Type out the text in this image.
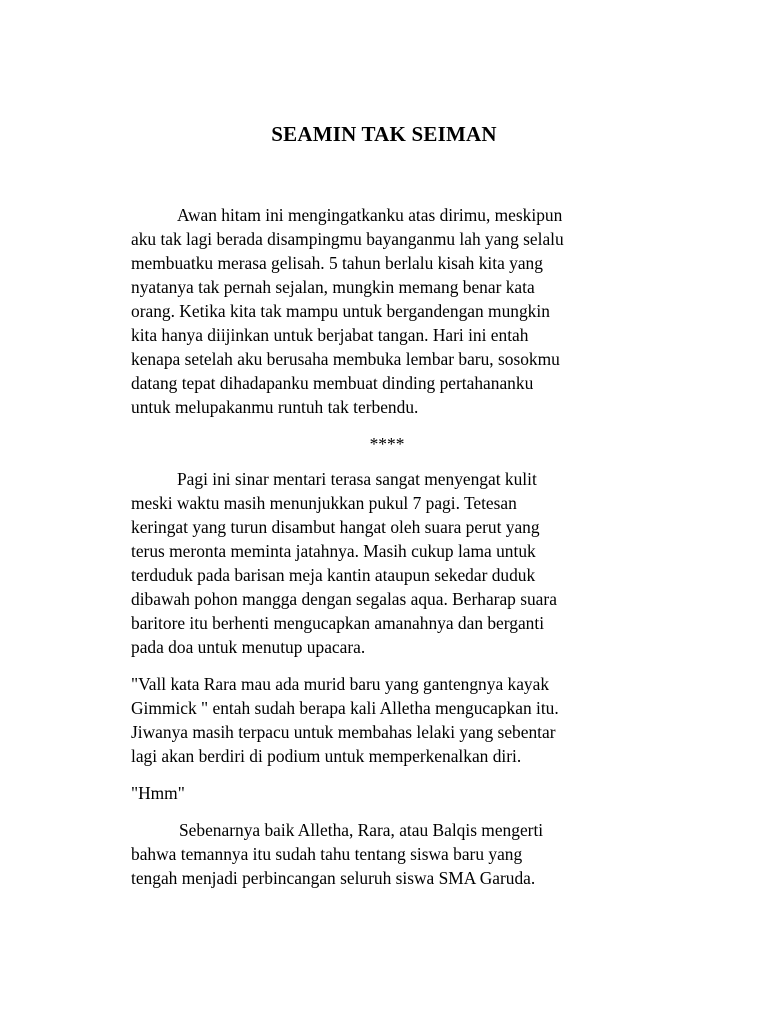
SEAMIN TAK SEIMAN

Awan hitam ini mengingatkanku atas dirimu, meskipun
aku tak lagi berada disampingmu bayanganmu lah yang selalu
membuatku merasa gelisah. 5 tahun berlalu kisah kita yang
nyatanya tak pernah sejalan, mungkin memang benar kata
orang. Ketika kita tak mampu untuk bergandengan mungkin
kita hanya diijinkan untuk berjabat tangan. Hari ini entah
kenapa setelah aku berusaha membuka lembar baru, sosokmu
datang tepat dihadapanku membuat dinding pertahananku
untuk melupakanmu runtuh tak terbendu.

****

Pagi ini sinar mentari terasa sangat menyengat kulit
meski waktu masih menunjukkan pukul 7 pagi. Tetesan
keringat yang turun disambut hangat oleh suara perut yang
terus meronta meminta jatahnya. Masih cukup lama untuk
terduduk pada barisan meja kantin ataupun sekedar duduk
dibawah pohon mangga dengan segalas aqua. Berharap suara
baritore itu berhenti mengucapkan amanahnya dan berganti
pada doa untuk menutup upacara.

"Vall kata Rara mau ada murid baru yang gantengnya kayak
Gimmick " entah sudah berapa kali Alletha mengucapkan itu.
Jiwanya masih terpacu untuk membahas lelaki yang sebentar
lagi akan berdiri di podium untuk memperkenalkan diri.

"Hmm"

Sebenarnya baik Alletha, Rara, atau Balqis mengerti
bahwa temannya itu sudah tahu tentang siswa baru yang
tengah menjadi perbincangan seluruh siswa SMA Garuda.
